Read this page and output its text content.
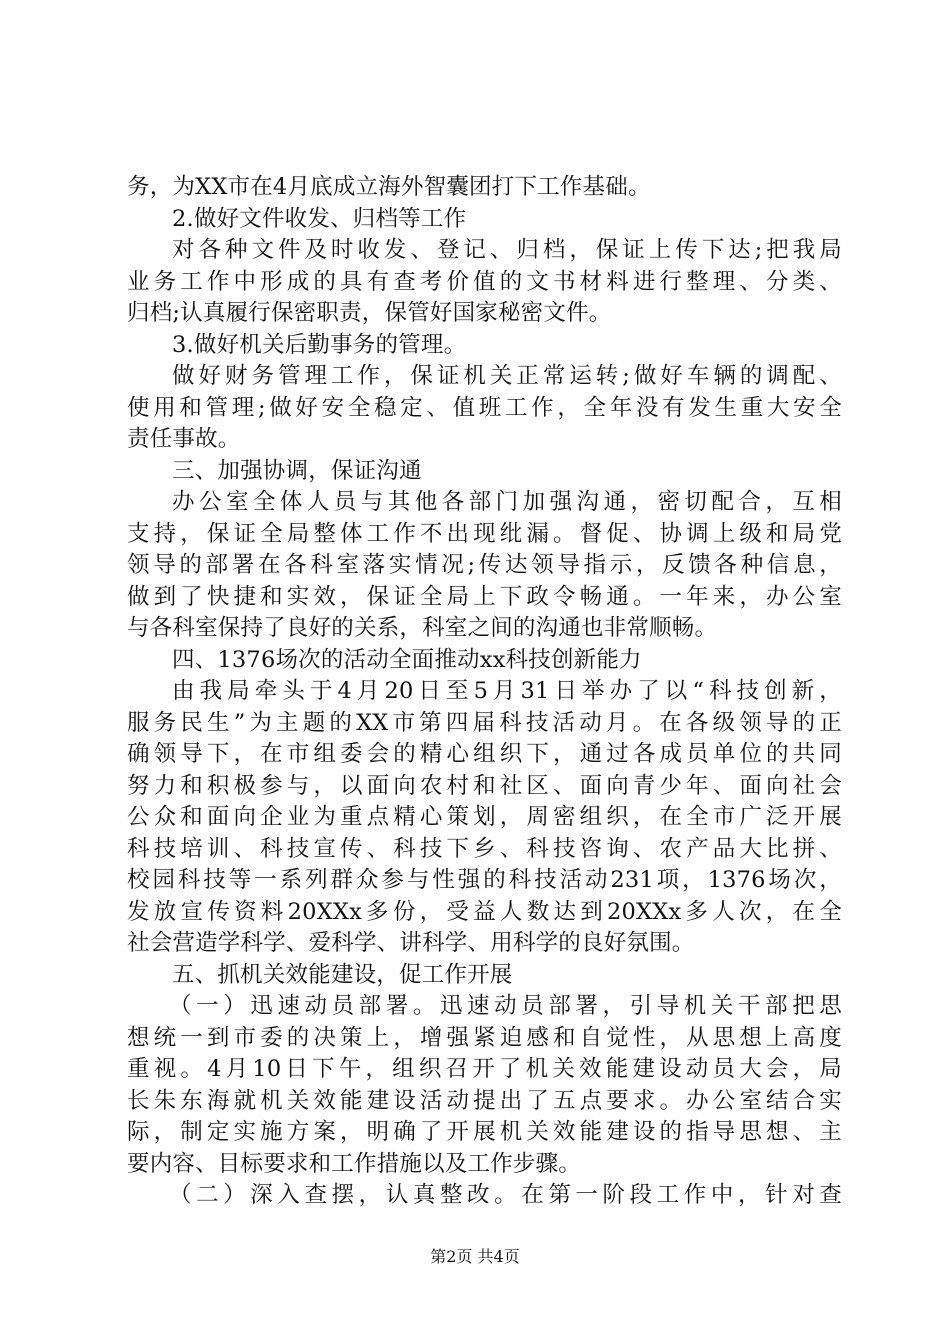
务，为XX市在4月底成立海外智囊团打下工作基础。
2.做好文件收发、归档等工作
对各种文件及时收发、登记、归档，保证上传下达;把我局
业务工作中形成的具有查考价值的文书材料进行整理、分类、
归档;认真履行保密职责，保管好国家秘密文件。
3.做好机关后勤事务的管理。
做好财务管理工作，保证机关正常运转;做好车辆的调配、
使用和管理;做好安全稳定、值班工作，全年没有发生重大安全
责任事故。
三、加强协调，保证沟通
办公室全体人员与其他各部门加强沟通，密切配合，互相
支持，保证全局整体工作不出现纰漏。督促、协调上级和局党
领导的部署在各科室落实情况;传达领导指示，反馈各种信息，
做到了快捷和实效，保证全局上下政令畅通。一年来，办公室
与各科室保持了良好的关系，科室之间的沟通也非常顺畅。
四、1376场次的活动全面推动xx科技创新能力
由我局牵头于4月20日至5月31日举办了以“科技创新，
服务民生”为主题的XX市第四届科技活动月。在各级领导的正
确领导下，在市组委会的精心组织下，通过各成员单位的共同
努力和积极参与，以面向农村和社区、面向青少年、面向社会
公众和面向企业为重点精心策划，周密组织，在全市广泛开展
科技培训、科技宣传、科技下乡、科技咨询、农产品大比拼、
校园科技等一系列群众参与性强的科技活动231项，1376场次，
发放宣传资料20XXx多份，受益人数达到20XXx多人次，在全
社会营造学科学、爱科学、讲科学、用科学的良好氛围。
五、抓机关效能建设，促工作开展
（一）迅速动员部署。迅速动员部署，引导机关干部把思
想统一到市委的决策上，增强紧迫感和自觉性，从思想上高度
重视。4月10日下午，组织召开了机关效能建设动员大会，局
长朱东海就机关效能建设活动提出了五点要求。办公室结合实
际，制定实施方案，明确了开展机关效能建设的指导思想、主
要内容、目标要求和工作措施以及工作步骤。
（二）深入查摆，认真整改。在第一阶段工作中，针对查
第2页 共4页
